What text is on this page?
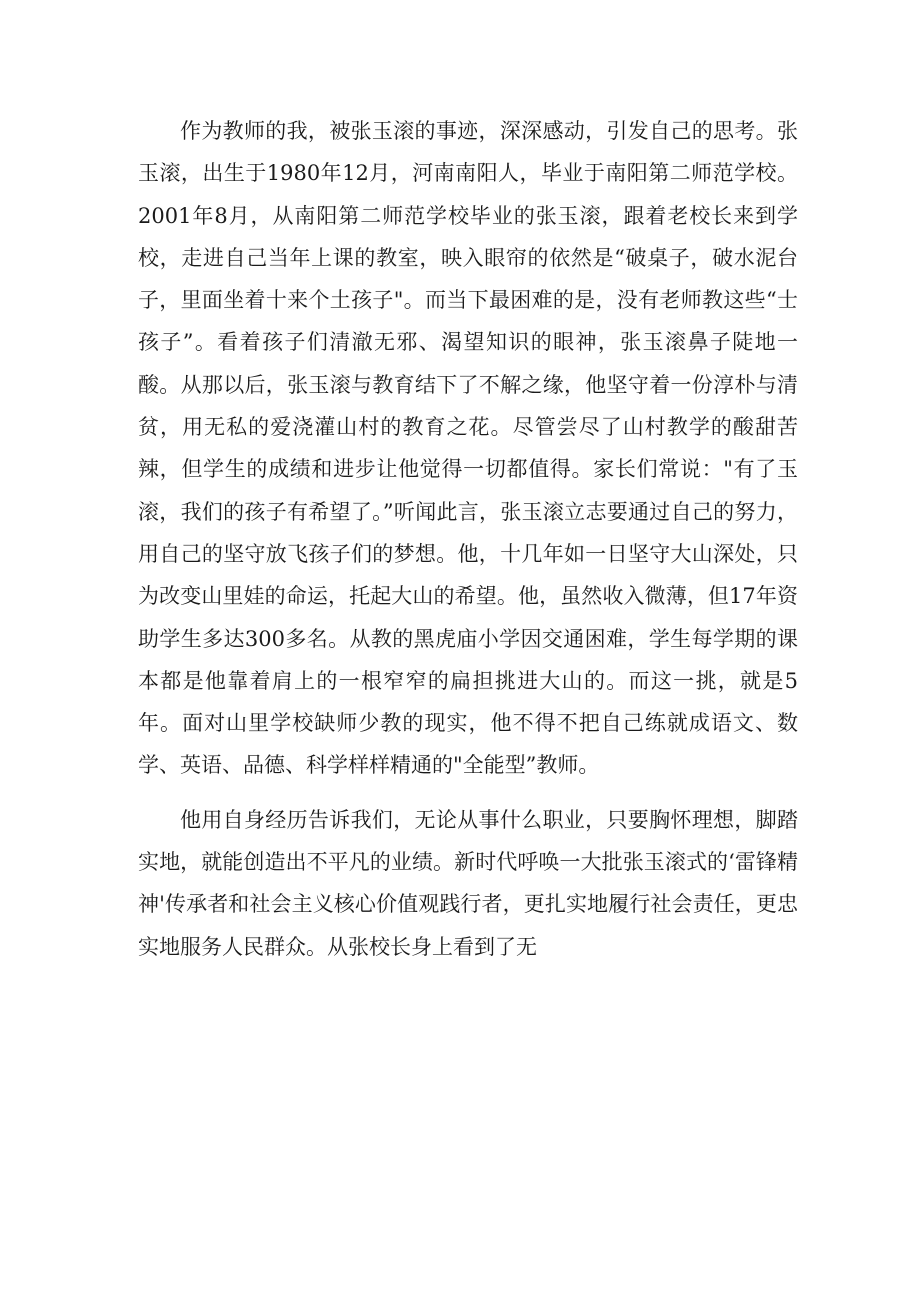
作为教师的我，被张玉滚的事迹，深深感动，引发自己的思考。张玉滚，出生于1980年12月，河南南阳人，毕业于南阳第二师范学校。2001年8月，从南阳第二师范学校毕业的张玉滚，跟着老校长来到学校，走进自己当年上课的教室，映入眼帘的依然是“破桌子，破水泥台子，里面坐着十来个土孩子"。而当下最困难的是，没有老师教这些“士孩子”。看着孩子们清澈无邪、渴望知识的眼神，张玉滚鼻子陡地一酸。从那以后，张玉滚与教育结下了不解之缘，他坚守着一份淳朴与清贫，用无私的爱浇灌山村的教育之花。尽管尝尽了山村教学的酸甜苦辣，但学生的成绩和进步让他觉得一切都值得。家长们常说："有了玉滚，我们的孩子有希望了。”听闻此言，张玉滚立志要通过自己的努力，用自己的坚守放飞孩子们的梦想。他，十几年如一日坚守大山深处，只为改变山里娃的命运，托起大山的希望。他，虽然收入微薄，但17年资助学生多达300多名。从教的黑虎庙小学因交通困难，学生每学期的课本都是他靠着肩上的一根窄窄的扁担挑进大山的。而这一挑，就是5年。面对山里学校缺师少教的现实，他不得不把自己练就成语文、数学、英语、品德、科学样样精通的"全能型”教师。

他用自身经历告诉我们，无论从事什么职业，只要胸怀理想，脚踏实地，就能创造出不平凡的业绩。新时代呼唤一大批张玉滚式的‘雷锋精神'传承者和社会主义核心价值观践行者，更扎实地履行社会责任，更忠实地服务人民群众。从张校长身上看到了无
